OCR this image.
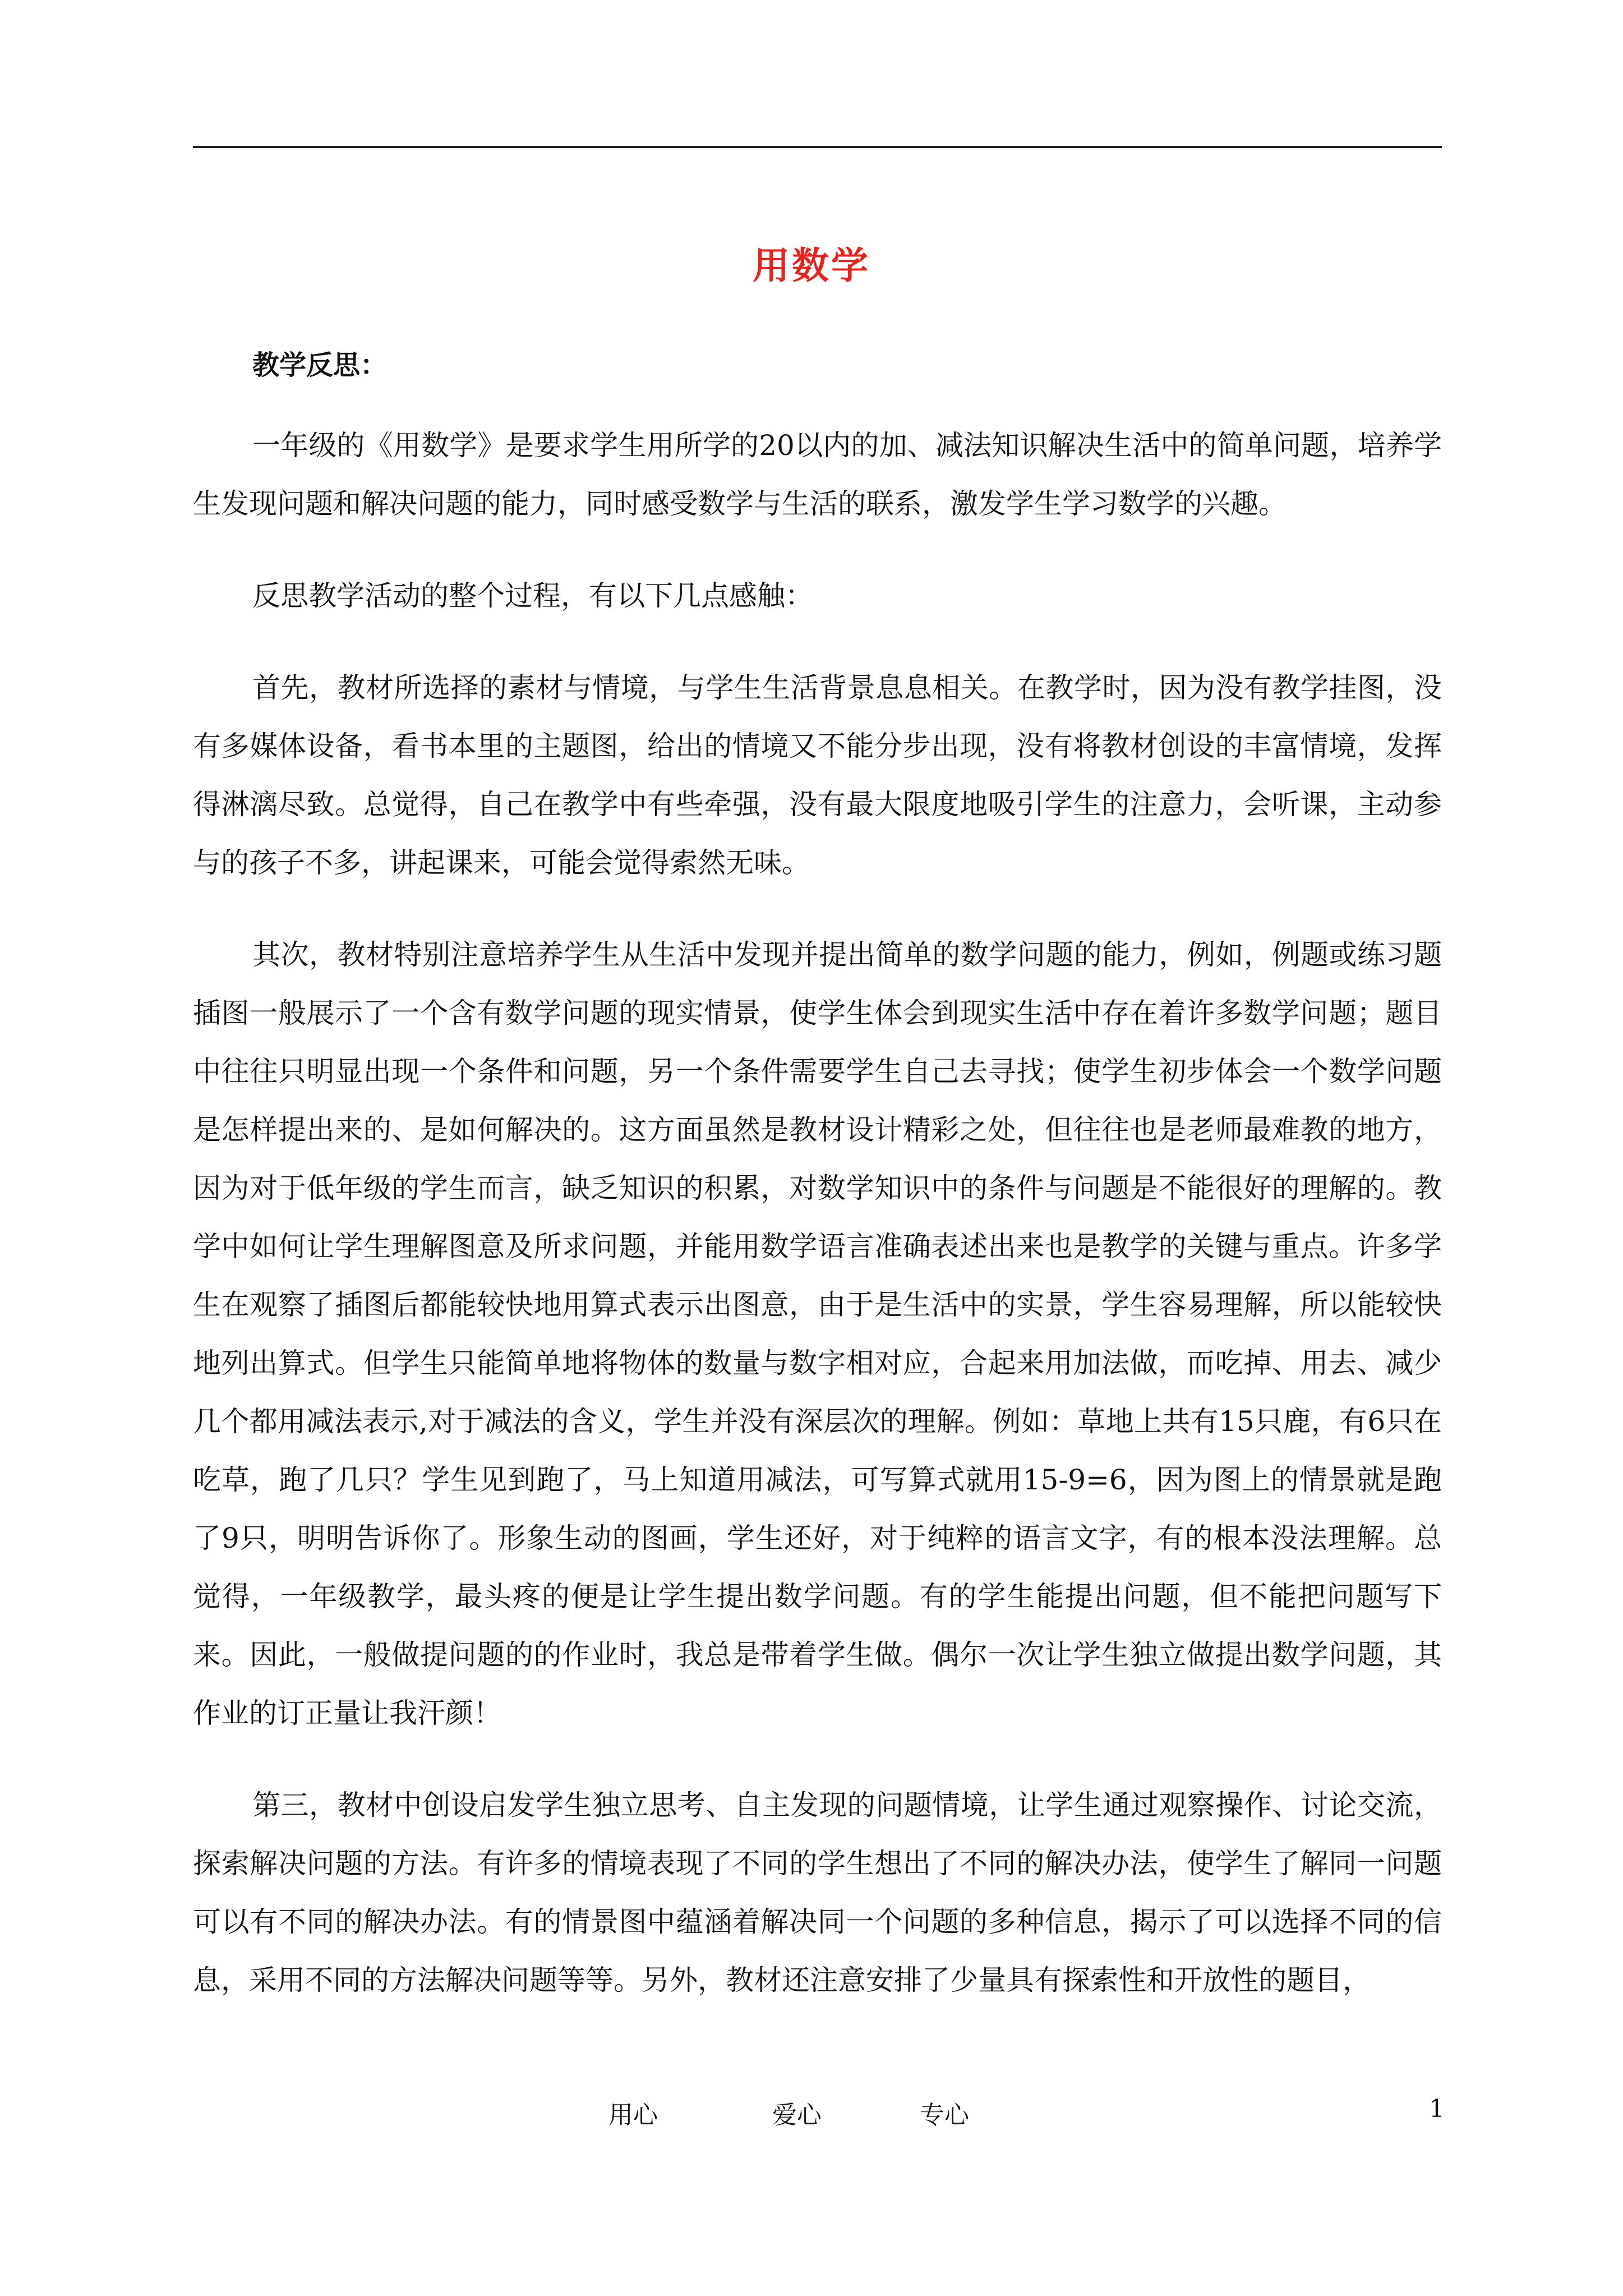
用数学
教学反思：

一年级的《用数学》是要求学生用所学的20以内的加、减法知识解决生活中的简单问题，培养学生发现问题和解决问题的能力，同时感受数学与生活的联系，激发学生学习数学的兴趣。

反思教学活动的整个过程，有以下几点感触：

首先，教材所选择的素材与情境，与学生生活背景息息相关。在教学时，因为没有教学挂图，没有多媒体设备，看书本里的主题图，给出的情境又不能分步出现，没有将教材创设的丰富情境，发挥得淋漓尽致。总觉得，自己在教学中有些牵强，没有最大限度地吸引学生的注意力，会听课，主动参与的孩子不多，讲起课来，可能会觉得索然无味。

其次，教材特别注意培养学生从生活中发现并提出简单的数学问题的能力，例如，例题或练习题插图一般展示了一个含有数学问题的现实情景，使学生体会到现实生活中存在着许多数学问题；题目中往往只明显出现一个条件和问题，另一个条件需要学生自己去寻找；使学生初步体会一个数学问题是怎样提出来的、是如何解决的。这方面虽然是教材设计精彩之处，但往往也是老师最难教的地方，因为对于低年级的学生而言，缺乏知识的积累，对数学知识中的条件与问题是不能很好的理解的。教学中如何让学生理解图意及所求问题，并能用数学语言准确表述出来也是教学的关键与重点。许多学生在观察了插图后都能较快地用算式表示出图意，由于是生活中的实景，学生容易理解，所以能较快地列出算式。但学生只能简单地将物体的数量与数字相对应，合起来用加法做，而吃掉、用去、减少几个都用减法表示,对于减法的含义，学生并没有深层次的理解。例如：草地上共有15只鹿，有6只在吃草，跑了几只？学生见到跑了，马上知道用减法，可写算式就用15-9=6，因为图上的情景就是跑了9只，明明告诉你了。形象生动的图画，学生还好，对于纯粹的语言文字，有的根本没法理解。总觉得，一年级教学，最头疼的便是让学生提出数学问题。有的学生能提出问题，但不能把问题写下来。因此，一般做提问题的的作业时，我总是带着学生做。偶尔一次让学生独立做提出数学问题，其作业的订正量让我汗颜！

第三，教材中创设启发学生独立思考、自主发现的问题情境，让学生通过观察操作、讨论交流，探索解决问题的方法。有许多的情境表现了不同的学生想出了不同的解决办法，使学生了解同一问题可以有不同的解决办法。有的情景图中蕴涵着解决同一个问题的多种信息，揭示了可以选择不同的信息，采用不同的方法解决问题等等。另外，教材还注意安排了少量具有探索性和开放性的题目，

用心	爱心	专心	1
